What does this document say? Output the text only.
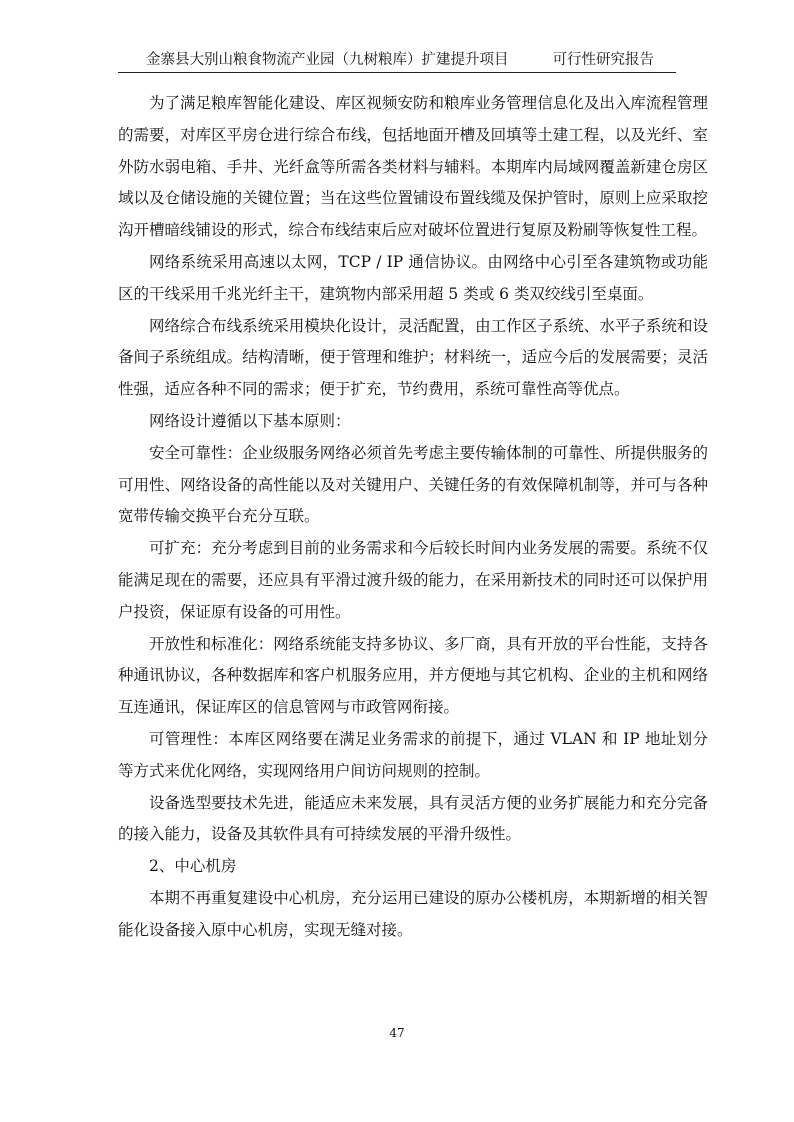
金寨县大别山粮食物流产业园（九树粮库）扩建提升项目	可行性研究报告

为了满足粮库智能化建设、库区视频安防和粮库业务管理信息化及出入库流程管理的需要，对库区平房仓进行综合布线，包括地面开槽及回填等土建工程，以及光纤、室外防水弱电箱、手井、光纤盒等所需各类材料与辅料。本期库内局域网覆盖新建仓房区域以及仓储设施的关键位置；当在这些位置铺设布置线缆及保护管时，原则上应采取挖沟开槽暗线铺设的形式，综合布线结束后应对破坏位置进行复原及粉刷等恢复性工程。

网络系统采用高速以太网，TCP / IP 通信协议。由网络中心引至各建筑物或功能区的干线采用千兆光纤主干，建筑物内部采用超 5 类或 6 类双绞线引至桌面。

网络综合布线系统采用模块化设计，灵活配置，由工作区子系统、水平子系统和设备间子系统组成。结构清晰，便于管理和维护；材料统一，适应今后的发展需要；灵活性强，适应各种不同的需求；便于扩充，节约费用，系统可靠性高等优点。

网络设计遵循以下基本原则：

安全可靠性：企业级服务网络必须首先考虑主要传输体制的可靠性、所提供服务的可用性、网络设备的高性能以及对关键用户、关键任务的有效保障机制等，并可与各种宽带传输交换平台充分互联。

可扩充：充分考虑到目前的业务需求和今后较长时间内业务发展的需要。系统不仅能满足现在的需要，还应具有平滑过渡升级的能力，在采用新技术的同时还可以保护用户投资，保证原有设备的可用性。

开放性和标准化：网络系统能支持多协议、多厂商，具有开放的平台性能，支持各种通讯协议，各种数据库和客户机服务应用，并方便地与其它机构、企业的主机和网络互连通讯，保证库区的信息管网与市政管网衔接。

可管理性：本库区网络要在满足业务需求的前提下，通过 VLAN 和 IP 地址划分等方式来优化网络，实现网络用户间访问规则的控制。

设备选型要技术先进，能适应未来发展，具有灵活方便的业务扩展能力和充分完备的接入能力，设备及其软件具有可持续发展的平滑升级性。

2、中心机房

本期不再重复建设中心机房，充分运用已建设的原办公楼机房，本期新增的相关智能化设备接入原中心机房，实现无缝对接。

47
